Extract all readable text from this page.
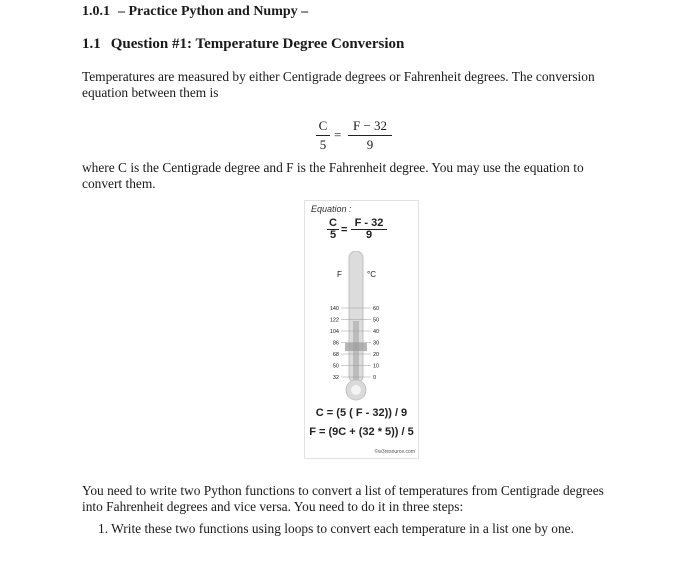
1.0.1 – Practice Python and Numpy –
1.1 Question #1: Temperature Degree Conversion
Temperatures are measured by either Centigrade degrees or Fahrenheit degrees. The conversion equation between them is
$\frac{C}{5} = \frac{F - 32}{9}$
where C is the Centigrade degree and F is the Fahrenheit degree. You may use the equation to convert them.
Equation :
C
5 =
F - 32
9
F	°C
140	60
122	50
104	40
86	30
68	20
50	10
32	0
C = (5 ( F - 32)) / 9
F = (9C + (32 * 5)) / 5
©w3resource.com
You need to write two Python functions to convert a list of temperatures from Centigrade degrees into Fahrenheit degrees and vice versa. You need to do it in three steps:
1. Write these two functions using loops to convert each temperature in a list one by one.
